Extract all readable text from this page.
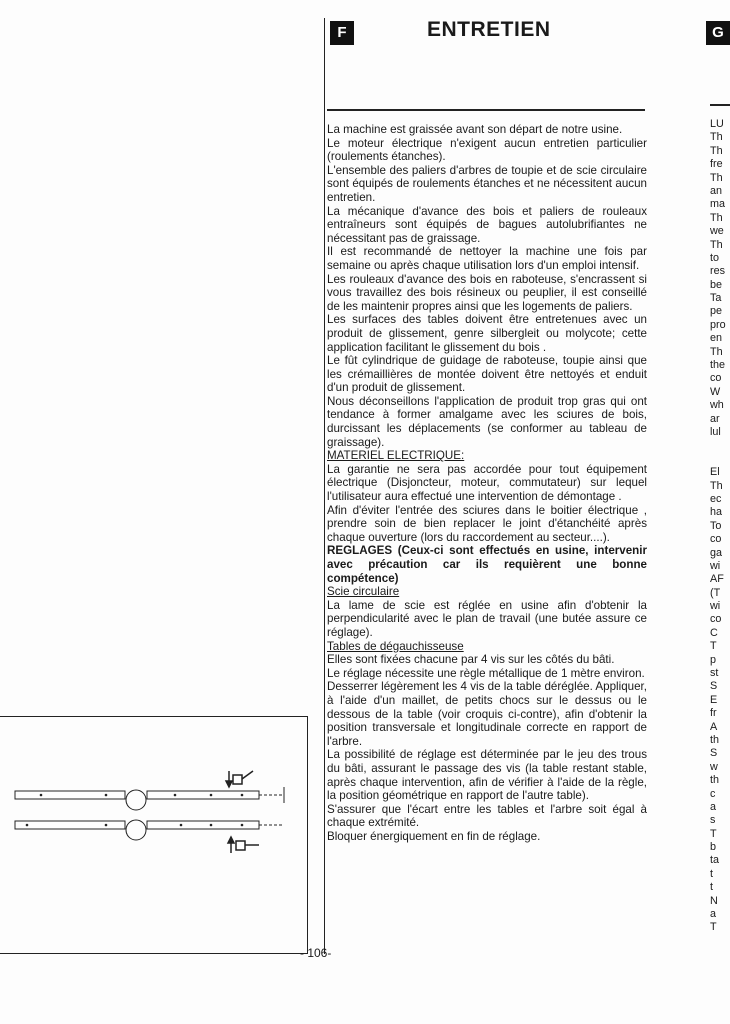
F	ENTRETIEN	G

La machine est graissée avant son départ de notre usine.

Le moteur électrique n'exigent aucun entretien particulier (roulements étanches).

L'ensemble des paliers d'arbres de toupie et de scie circulaire sont équipés de roulements étanches et ne nécessitent aucun entretien.

La mécanique d'avance des bois et paliers de rouleaux entraîneurs sont équipés de bagues autolubrifiantes ne nécessitant pas de graissage.

Il est recommandé de nettoyer la machine une fois par semaine ou après chaque utilisation lors d'un emploi intensif.

Les rouleaux d'avance des bois en raboteuse, s'encrassent si vous travaillez des bois résineux ou peuplier, il est conseillé de les maintenir propres ainsi que les logements de paliers.

Les surfaces des tables doivent être entretenues avec un produit de glissement, genre silbergleit ou molycote; cette application facilitant le glissement du bois .

Le fût cylindrique de guidage de raboteuse, toupie ainsi que les crémaillières de montée doivent être nettoyés et enduit d'un produit de glissement.

Nous déconseillons l'application de produit trop gras qui ont tendance à former amalgame avec les sciures de bois, durcissant les déplacements (se conformer au tableau de graissage).

MATERIEL ELECTRIQUE:

La garantie ne sera pas accordée pour tout équipement électrique (Disjoncteur, moteur, commutateur) sur lequel l'utilisateur aura effectué une intervention de démontage .

Afin d'éviter l'entrée des sciures dans le boitier électrique , prendre soin de bien replacer le joint d'étanchéité après chaque ouverture (lors du raccordement au secteur....).

REGLAGES (Ceux-ci sont effectués en usine, intervenir avec précaution car ils requièrent une bonne compétence)

Scie circulaire

La lame de scie est réglée en usine afin d'obtenir la perpendicularité avec le plan de travail (une butée assure ce réglage).

Tables de dégauchisseuse

Elles sont fixées chacune par 4 vis sur les côtés du bâti.

Le réglage nécessite une règle métallique de 1 mètre environ.

Desserrer légèrement les 4 vis de la table déréglée. Appliquer, à l'aide d'un maillet, de petits chocs sur le dessus ou le dessous de la table (voir croquis ci-contre), afin d'obtenir la position transversale et longitudinale correcte en rapport de l'arbre.

La possibilité de réglage est déterminée par le jeu des trous du bâti, assurant le passage des vis (la table restant stable, après chaque intervention, afin de vérifier à l'aide de la règle, la position géométrique en rapport de l'autre table).

S'assurer que l'écart entre les tables et l'arbre soit égal à chaque extrémité.

Bloquer énergiquement en fin de réglage.

LU
Th
Th
fre
Th
an
ma
Th
we
Th
to
res
be
Ta
pe
pro
en
Th
the
co
W
wh
ar
lul
El
Th
ec
ha
To
co
ga
wi
AF
(T
wi
co
C
T
p
st
S
E
fr
A
th
S
w
th
c
a
s
T
b
ta
t
t
N
a
T
- 106-
